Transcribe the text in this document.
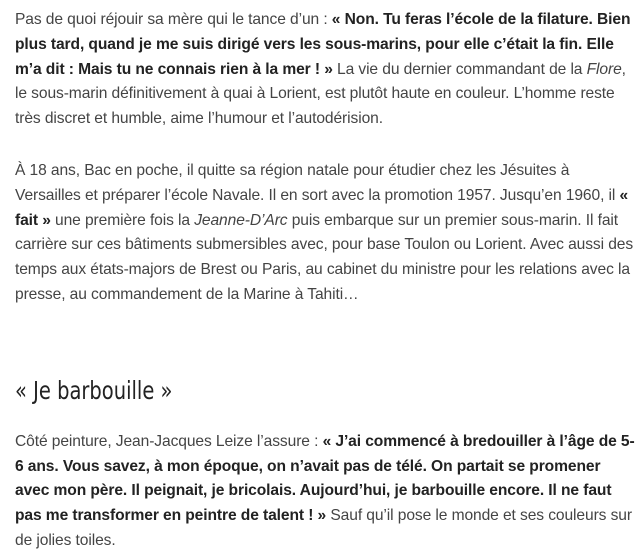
Pas de quoi réjouir sa mère qui le tance d’un : « Non. Tu feras l’école de la filature. Bien plus tard, quand je me suis dirigé vers les sous-marins, pour elle c’était la fin. Elle m’a dit : Mais tu ne connais rien à la mer ! » La vie du dernier commandant de la Flore, le sous-marin définitivement à quai à Lorient, est plutôt haute en couleur. L’homme reste très discret et humble, aime l’humour et l’autodérision.

À 18 ans, Bac en poche, il quitte sa région natale pour étudier chez les Jésuites à Versailles et préparer l’école Navale. Il en sort avec la promotion 1957. Jusqu’en 1960, il « fait » une première fois la Jeanne-D’Arc puis embarque sur un premier sous-marin. Il fait carrière sur ces bâtiments submersibles avec, pour base Toulon ou Lorient. Avec aussi des temps aux états-majors de Brest ou Paris, au cabinet du ministre pour les relations avec la presse, au commandement de la Marine à Tahiti…

« Je barbouille »

Côté peinture, Jean-Jacques Leize l’assure : « J’ai commencé à bredouiller à l’âge de 5-6 ans. Vous savez, à mon époque, on n’avait pas de télé. On partait se promener avec mon père. Il peignait, je bricolais. Aujourd’hui, je barbouille encore. Il ne faut pas me transformer en peintre de talent ! » Sauf qu’il pose le monde et ses couleurs sur de jolies toiles.
